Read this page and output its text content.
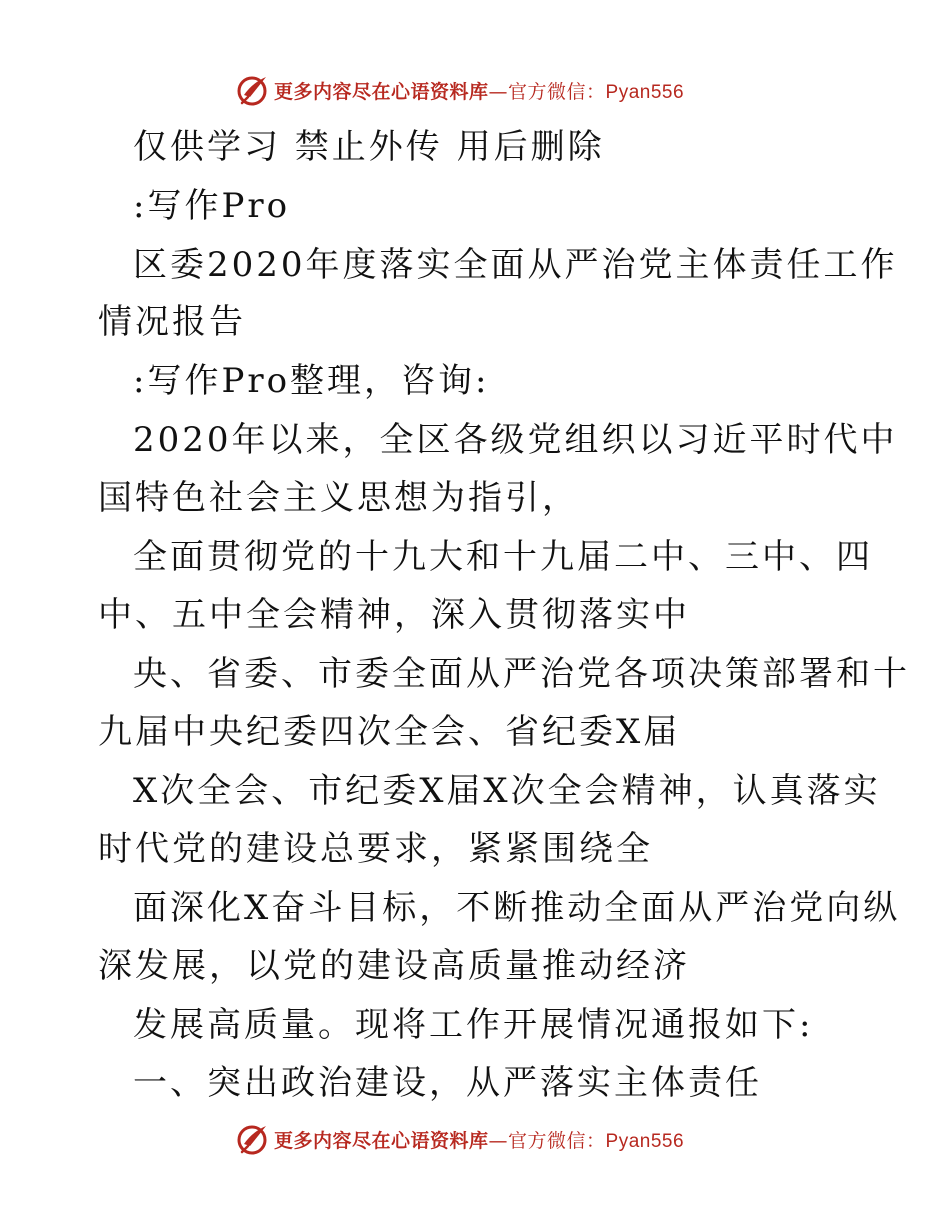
更多内容尽在心语资料库—官方微信：Pyan556
仅供学习 禁止外传 用后删除
:写作Pro
区委2020年度落实全面从严治党主体责任工作
情况报告
:写作Pro整理，咨询:
2020年以来，全区各级党组织以习近平时代中
国特色社会主义思想为指引，
全面贯彻党的十九大和十九届二中、三中、四
中、五中全会精神，深入贯彻落实中
央、省委、市委全面从严治党各项决策部署和十
九届中央纪委四次全会、省纪委X届
X次全会、市纪委X届X次全会精神，认真落实
时代党的建设总要求，紧紧围绕全
面深化X奋斗目标，不断推动全面从严治党向纵
深发展，以党的建设高质量推动经济
发展高质量。现将工作开展情况通报如下:
一、突出政治建设，从严落实主体责任
更多内容尽在心语资料库—官方微信：Pyan556
